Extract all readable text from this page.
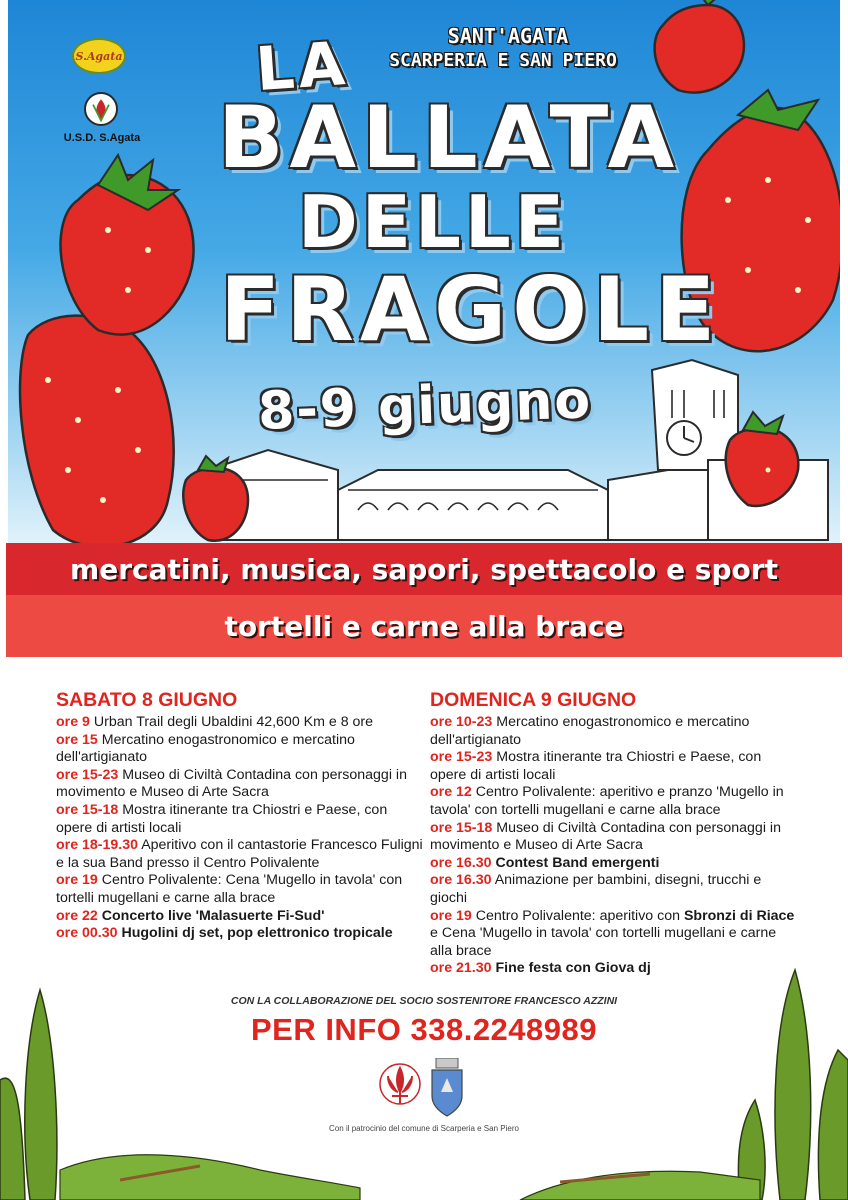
S.Agata
U.S.D. S.Agata
SANT'AGATA
SCARPERIA E SAN PIERO
LA
BALLATA
DELLE
FRAGOLE
8-9 giugno
mercatini, musica, sapori, spettacolo e sport
tortelli e carne alla brace
SABATO 8 GIUGNO
ore 9 Urban Trail degli Ubaldini 42,600 Km e 8 ore
ore 15 Mercatino enogastronomico e mercatino dell'artigianato
ore 15-23 Museo di Civiltà Contadina con personaggi in movimento e Museo di Arte Sacra
ore 15-18 Mostra itinerante tra Chiostri e Paese, con opere di artisti locali
ore 18-19.30 Aperitivo con il cantastorie Francesco Fuligni e la sua Band presso il Centro Polivalente
ore 19 Centro Polivalente: Cena 'Mugello in tavola' con tortelli mugellani e carne alla brace
ore 22 Concerto live 'Malasuerte Fi-Sud'
ore 00.30 Hugolini dj set, pop elettronico tropicale
DOMENICA 9 GIUGNO
ore 10-23 Mercatino enogastronomico e mercatino dell'artigianato
ore 15-23 Mostra itinerante tra Chiostri e Paese, con opere di artisti locali
ore 12 Centro Polivalente: aperitivo e pranzo 'Mugello in tavola' con tortelli mugellani e carne alla brace
ore 15-18 Museo di Civiltà Contadina con personaggi in movimento e Museo di Arte Sacra
ore 16.30 Contest Band emergenti
ore 16.30 Animazione per bambini, disegni, trucchi e giochi
ore 19 Centro Polivalente: aperitivo con Sbronzi di Riace e Cena 'Mugello in tavola' con tortelli mugellani e carne alla brace
ore 21.30 Fine festa con Giova dj
CON LA COLLABORAZIONE DEL SOCIO SOSTENITORE FRANCESCO AZZINI
PER INFO 338.2248989
Con il patrocinio del comune di Scarperia e San Piero
